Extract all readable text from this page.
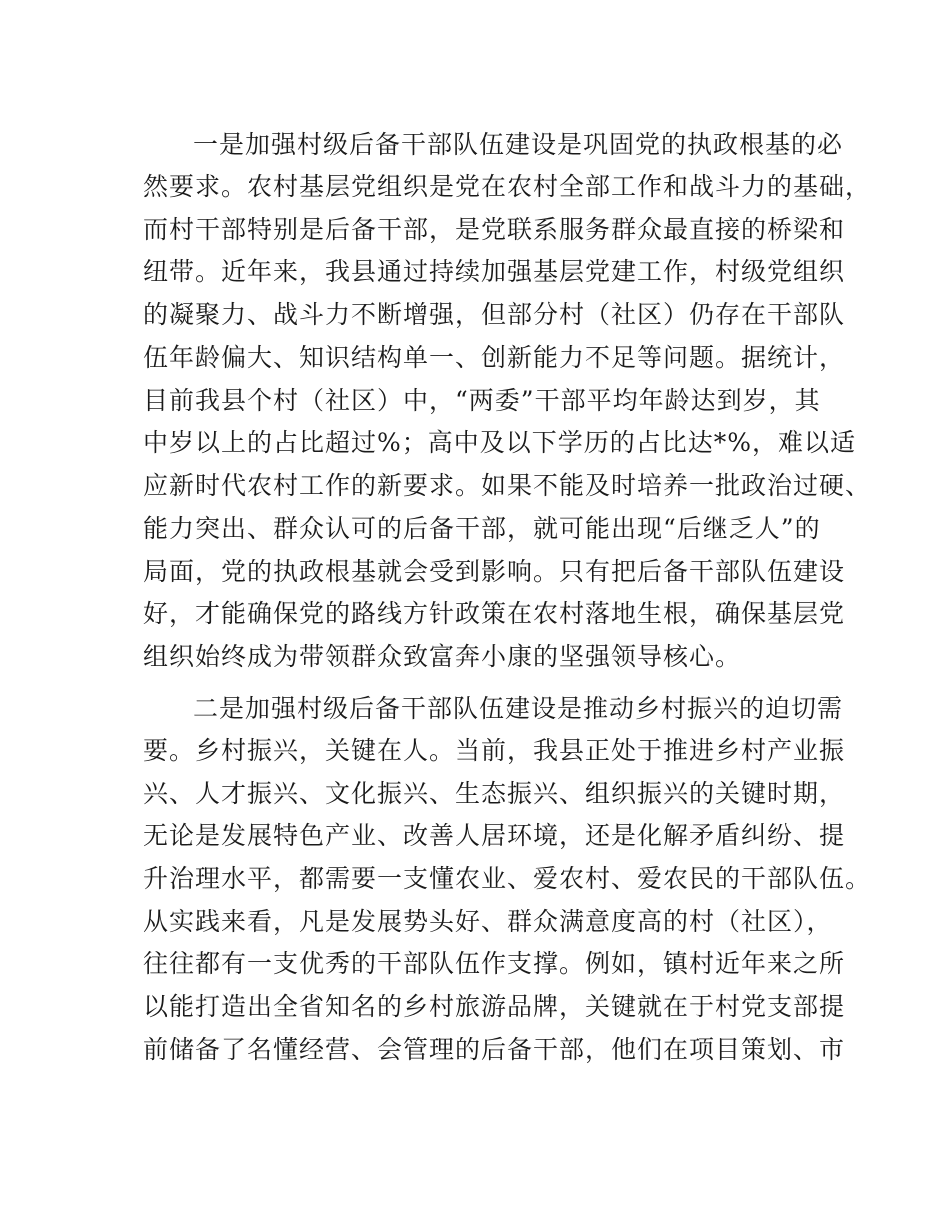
一是加强村级后备干部队伍建设是巩固党的执政根基的必
然要求。农村基层党组织是党在农村全部工作和战斗力的基础，
而村干部特别是后备干部，是党联系服务群众最直接的桥梁和
纽带。近年来，我县通过持续加强基层党建工作，村级党组织
的凝聚力、战斗力不断增强，但部分村（社区）仍存在干部队
伍年龄偏大、知识结构单一、创新能力不足等问题。据统计，
目前我县个村（社区）中，“两委”干部平均年龄达到岁，其
中岁以上的占比超过%；高中及以下学历的占比达*%，难以适
应新时代农村工作的新要求。如果不能及时培养一批政治过硬、
能力突出、群众认可的后备干部，就可能出现“后继乏人”的
局面，党的执政根基就会受到影响。只有把后备干部队伍建设
好，才能确保党的路线方针政策在农村落地生根，确保基层党
组织始终成为带领群众致富奔小康的坚强领导核心。
二是加强村级后备干部队伍建设是推动乡村振兴的迫切需
要。乡村振兴，关键在人。当前，我县正处于推进乡村产业振
兴、人才振兴、文化振兴、生态振兴、组织振兴的关键时期，
无论是发展特色产业、改善人居环境，还是化解矛盾纠纷、提
升治理水平，都需要一支懂农业、爱农村、爱农民的干部队伍。
从实践来看，凡是发展势头好、群众满意度高的村（社区），
往往都有一支优秀的干部队伍作支撑。例如，镇村近年来之所
以能打造出全省知名的乡村旅游品牌，关键就在于村党支部提
前储备了名懂经营、会管理的后备干部，他们在项目策划、市
